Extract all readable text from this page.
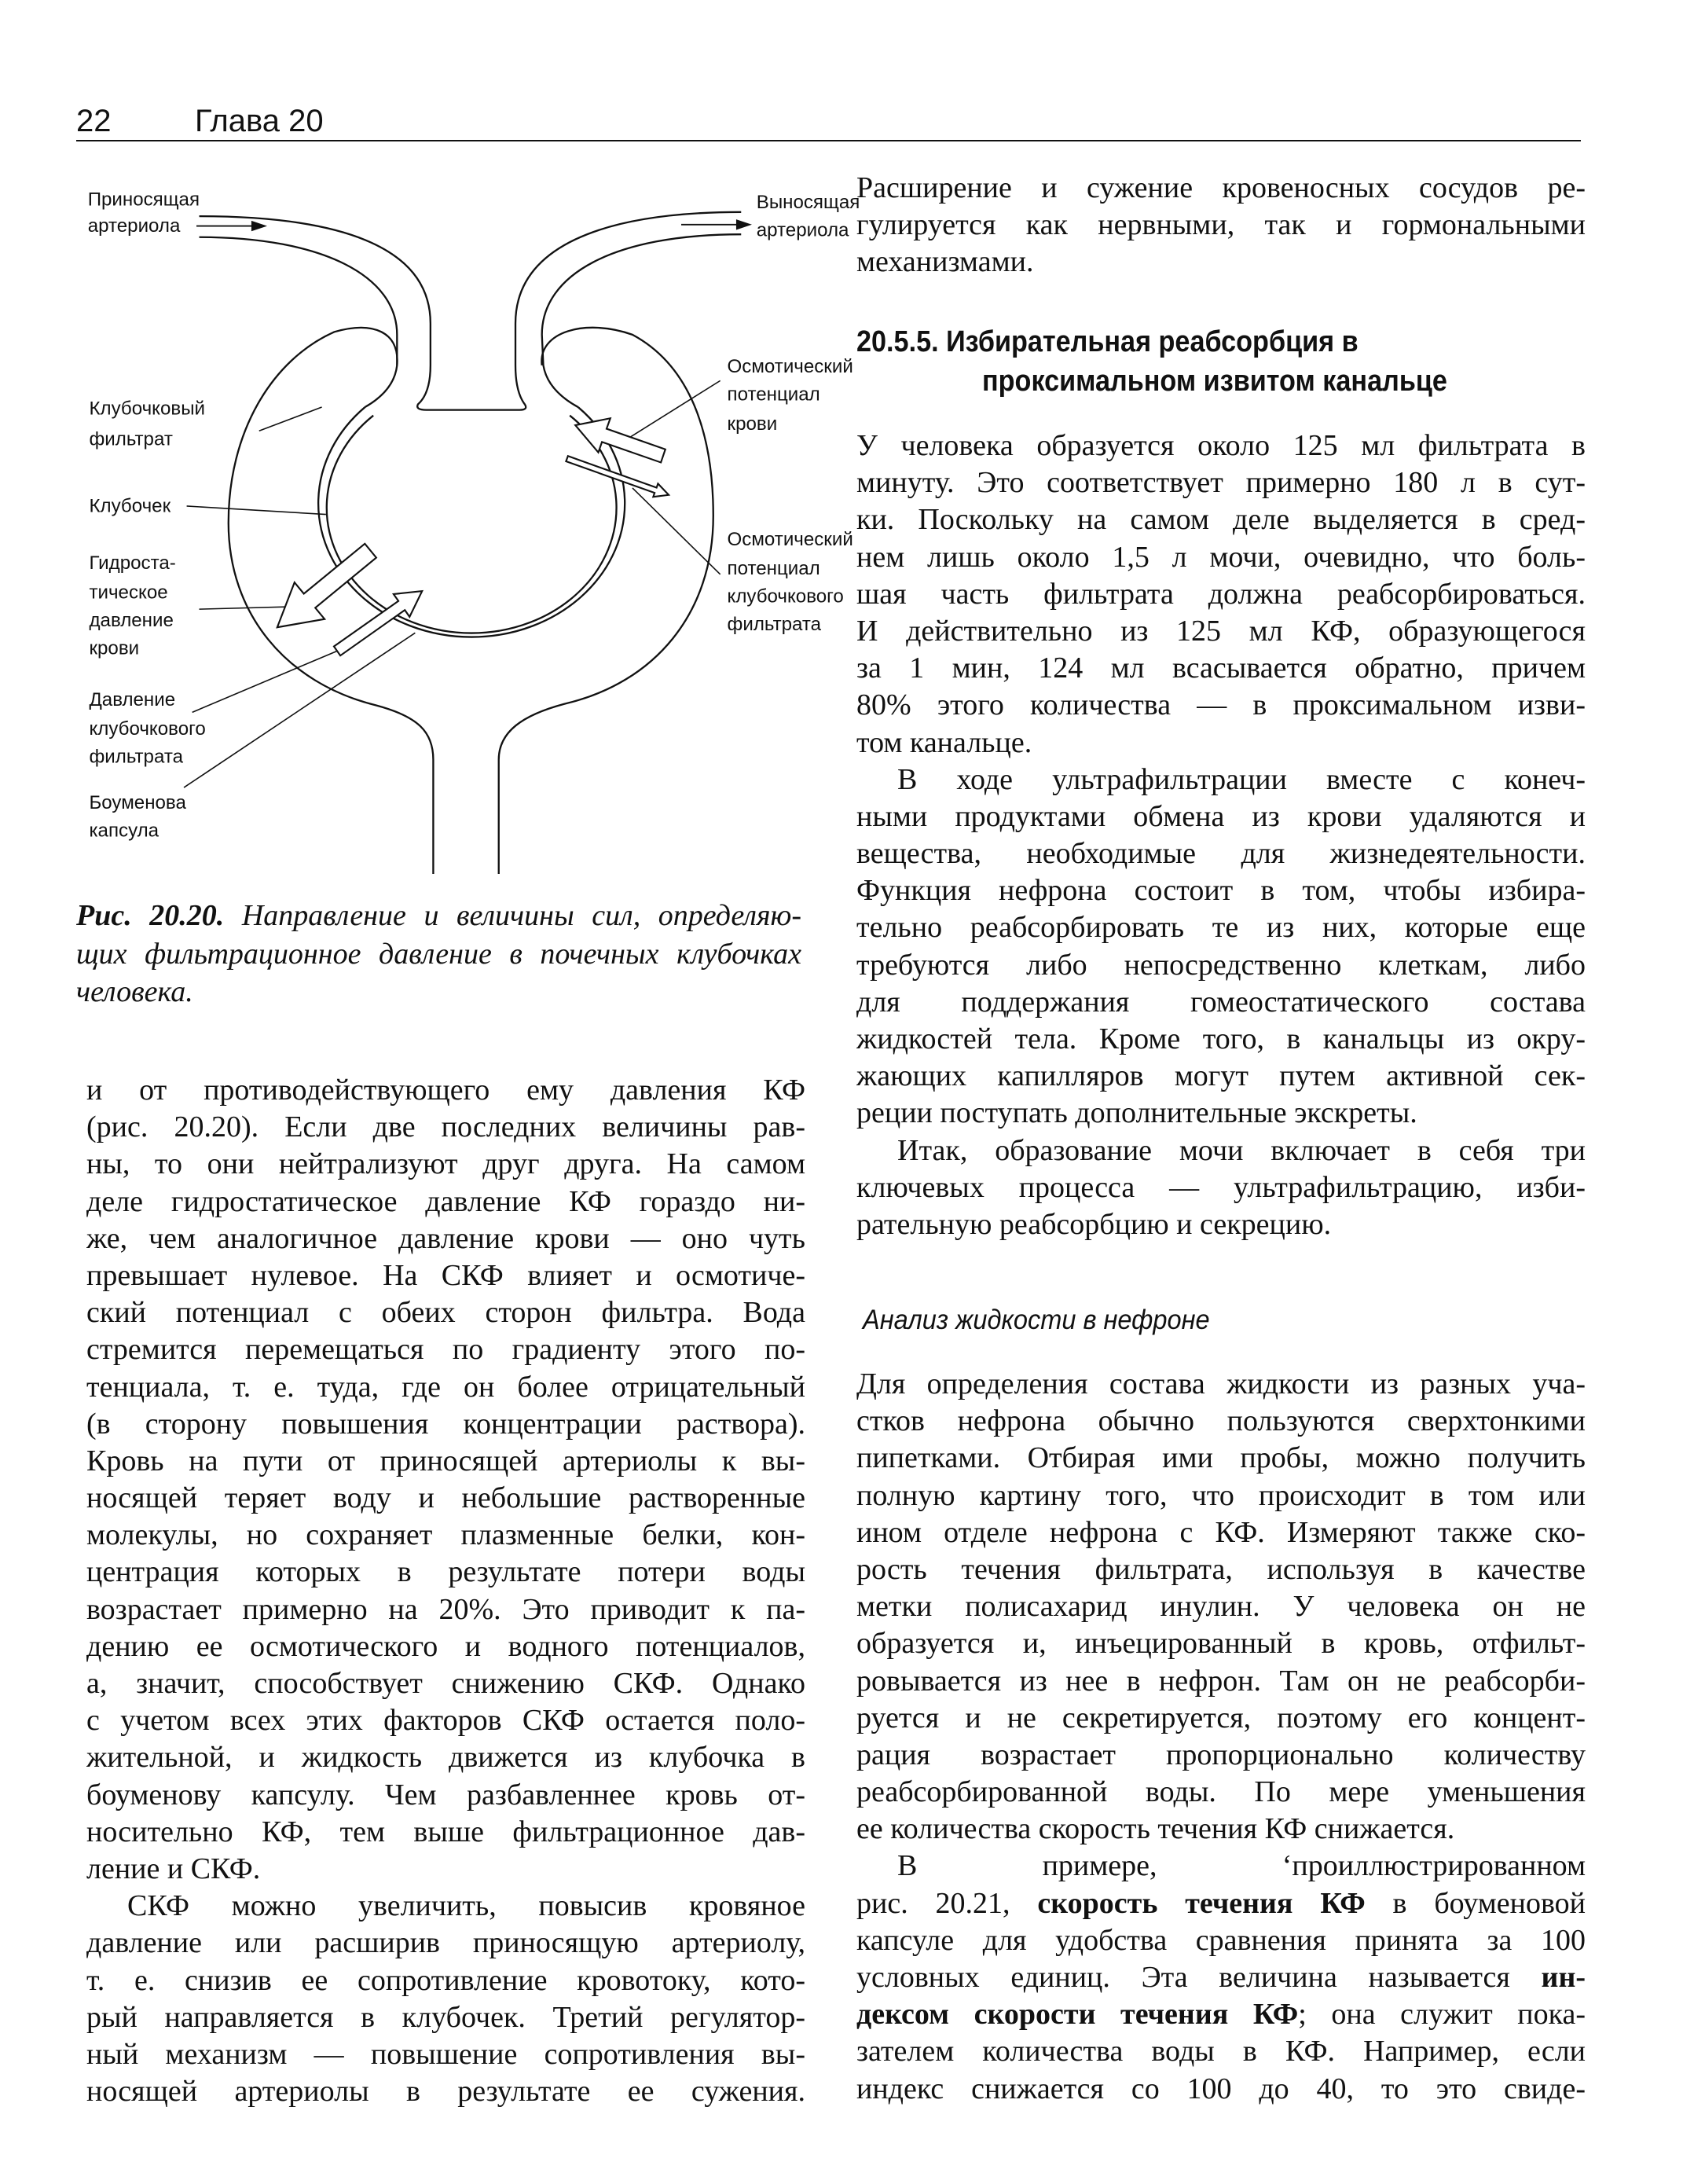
22	Глава 20
Приносящая
артериола
Выносящая
артериола
Клубочковый
фильтрат
Клубочек
Гидроста-
тическое
давление
крови
Давление
клубочкового
фильтрата
Боуменова
капсула
Осмотический
потенциал
крови
Осмотический
потенциал
клубочкового
фильтрата
Рис. 20.20. Направление и величины сил, определяю-
щих фильтрационное давление в почечных клубочках
человека.
и от противодействующего ему давления КФ
(рис. 20.20). Если две последних величины рав-
ны, то они нейтрализуют друг друга. На самом
деле гидростатическое давление КФ гораздо ни-
же, чем аналогичное давление крови — оно чуть
превышает нулевое. На СКФ влияет и осмотиче-
ский потенциал с обеих сторон фильтра. Вода
стремится перемещаться по градиенту этого по-
тенциала, т. е. туда, где он более отрицательный
(в сторону повышения концентрации раствора).
Кровь на пути от приносящей артериолы к вы-
носящей теряет воду и небольшие растворенные
молекулы, но сохраняет плазменные белки, кон-
центрация которых в результате потери воды
возрастает примерно на 20%. Это приводит к па-
дению ее осмотического и водного потенциалов,
а, значит, способствует снижению СКФ. Однако
с учетом всех этих факторов СКФ остается поло-
жительной, и жидкость движется из клубочка в
боуменову капсулу. Чем разбавленнее кровь от-
носительно КФ, тем выше фильтрационное дав-
ление и СКФ.
СКФ можно увеличить, повысив кровяное
давление или расширив приносящую артериолу,
т. е. снизив ее сопротивление кровотоку, кото-
рый направляется в клубочек. Третий регулятор-
ный механизм — повышение сопротивления вы-
носящей артериолы в результате ее сужения.
Расширение и сужение кровеносных сосудов ре-
гулируется как нервными, так и гормональными
механизмами.
20.5.5. Избирательная реабсорбция в
проксимальном извитом канальце
У человека образуется около 125 мл фильтрата в
минуту. Это соответствует примерно 180 л в сут-
ки. Поскольку на самом деле выделяется в сред-
нем лишь около 1,5 л мочи, очевидно, что боль-
шая часть фильтрата должна реабсорбироваться.
И действительно из 125 мл КФ, образующегося
за 1 мин, 124 мл всасывается обратно, причем
80% этого количества — в проксимальном изви-
том канальце.
В ходе ультрафильтрации вместе с конеч-
ными продуктами обмена из крови удаляются и
вещества, необходимые для жизнедеятельности.
Функция нефрона состоит в том, чтобы избира-
тельно реабсорбировать те из них, которые еще
требуются либо непосредственно клеткам, либо
для поддержания гомеостатического состава
жидкостей тела. Кроме того, в канальцы из окру-
жающих капилляров могут путем активной сек-
реции поступать дополнительные экскреты.
Итак, образование мочи включает в себя три
ключевых процесса — ультрафильтрацию, изби-
рательную реабсорбцию и секрецию.
Анализ жидкости в нефроне
Для определения состава жидкости из разных уча-
стков нефрона обычно пользуются сверхтонкими
пипетками. Отбирая ими пробы, можно получить
полную картину того, что происходит в том или
ином отделе нефрона с КФ. Измеряют также ско-
рость течения фильтрата, используя в качестве
метки полисахарид инулин. У человека он не
образуется и, инъецированный в кровь, отфильт-
ровывается из нее в нефрон. Там он не реабсорби-
руется и не секретируется, поэтому его концент-
рация возрастает пропорционально количеству
реабсорбированной воды. По мере уменьшения
ее количества скорость течения КФ снижается.
В примере, ʻпроиллюстрированном
рис. 20.21, скорость течения КФ в боуменовой
капсуле для удобства сравнения принята за 100
условных единиц. Эта величина называется ин-
дексом скорости течения КФ; она служит пока-
зателем количества воды в КФ. Например, если
индекс снижается со 100 до 40, то это свиде-
